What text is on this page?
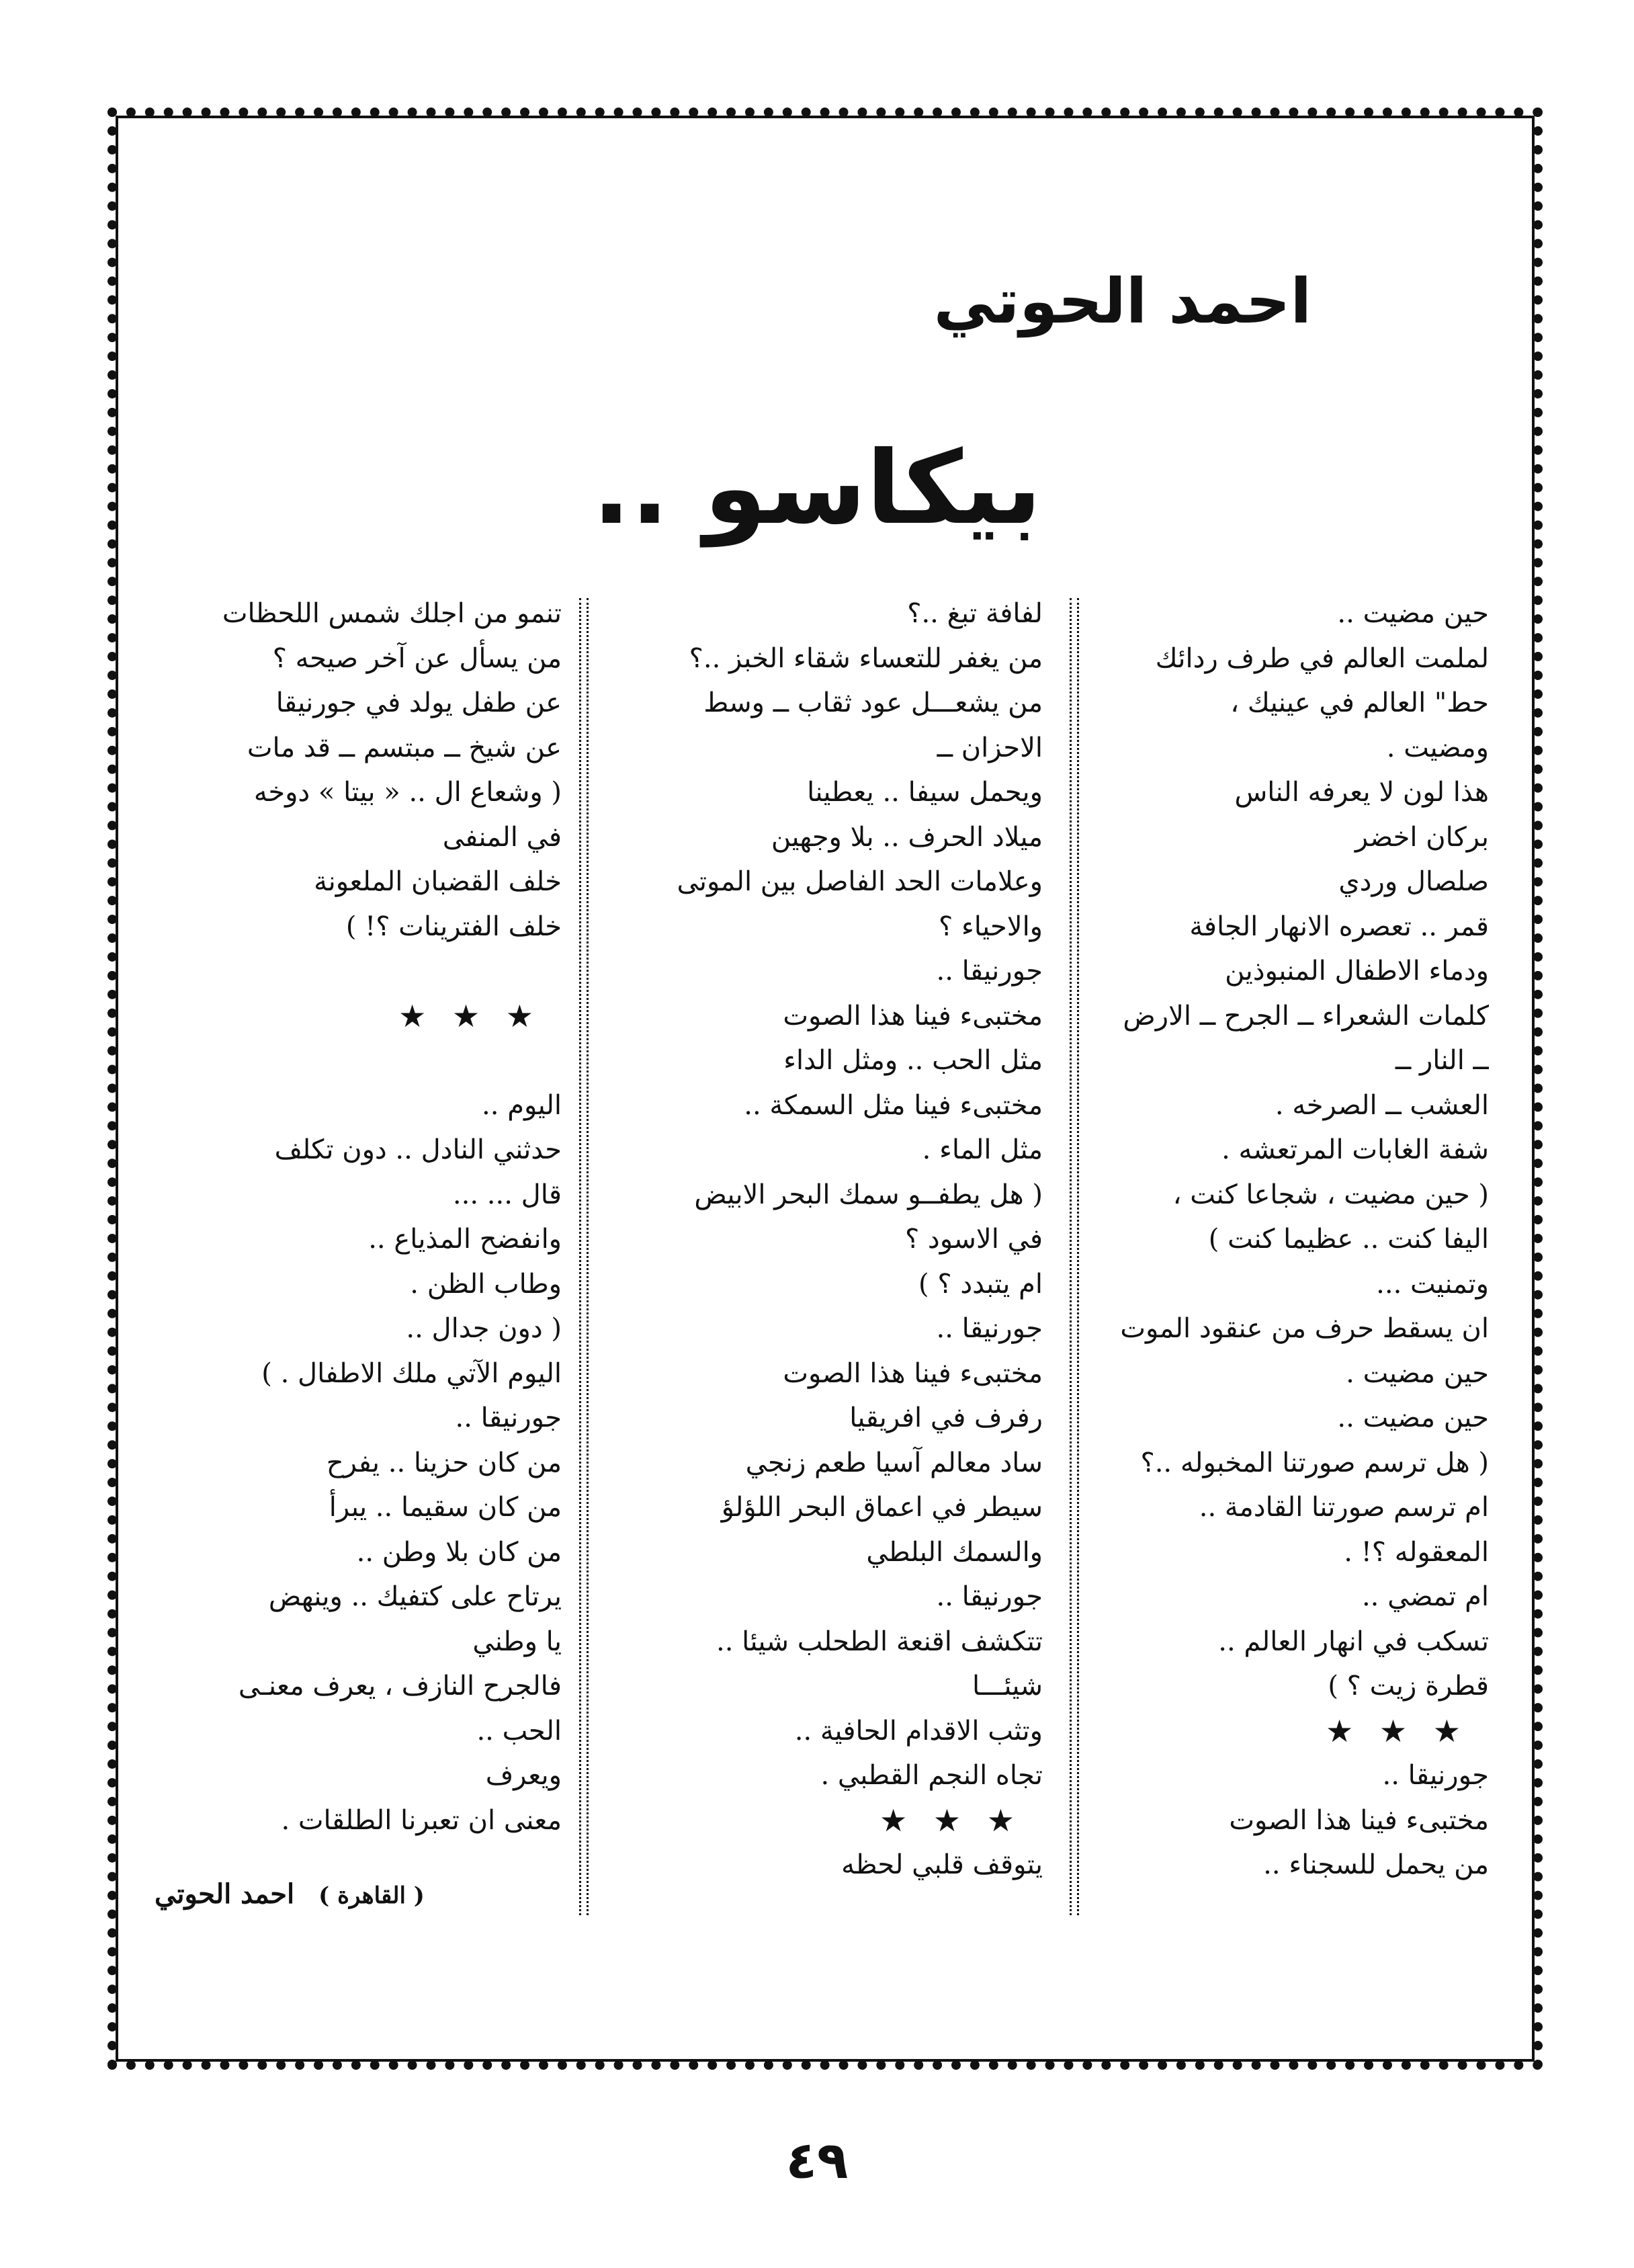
احمد الحوتي
بيكاسو ..
حين مضيت ..
لملمت العالم في طرف ردائك
حط" العالم في عينيك ،
ومضيت .
هذا لون لا يعرفه الناس
بركان اخضر
صلصال وردي
قمر .. تعصره الانهار الجافة
ودماء الاطفال المنبوذين
كلمات الشعراء ــ الجرح ــ الارض
ــ النار ــ
العشب ــ الصرخه .
شفة الغابات المرتعشه .
( حين مضيت ، شجاعا كنت ،
اليفا كنت .. عظيما كنت )
وتمنيت ...
ان يسقط حرف من عنقود الموت
حين مضيت .
حين مضيت ..
( هل ترسم صورتنا المخبوله ..؟
ام ترسم صورتنا القادمة ..
المعقوله ؟! .
ام تمضي ..
تسكب في انهار العالم ..
قطرة زيت ؟ )
★ ★ ★
جورنيقا ..
مختبىء فينا هذا الصوت
من يحمل للسجناء ..
لفافة تبغ ..؟
من يغفر للتعساء شقاء الخبز ..؟
من يشعـــل عود ثقاب ــ وسط
الاحزان ــ
ويحمل سيفا .. يعطينا
ميلاد الحرف .. بلا وجهين
وعلامات الحد الفاصل بين الموتى
والاحياء ؟
جورنيقا ..
مختبىء فينا هذا الصوت
مثل الحب .. ومثل الداء
مختبىء فينا مثل السمكة ..
مثل الماء .
( هل يطفــو سمك البحر الابيض
في الاسود ؟
ام يتبدد ؟ )
جورنيقا ..
مختبىء فينا هذا الصوت
رفرف في افريقيا
ساد معالم آسيا طعم زنجي
سيطر في اعماق البحر اللؤلؤ
والسمك البلطي
جورنيقا ..
تتكشف اقنعة الطحلب شيئا ..
شيئـــا
وتثب الاقدام الحافية ..
تجاه النجم القطبي .
★ ★ ★
يتوقف قلبي لحظه
تنمو من اجلك شمس اللحظات
من يسأل عن آخر صيحه ؟
عن طفل يولد في جورنيقا
عن شيخ ــ مبتسم ــ قد مات
( وشعاع ال .. « بيتا » دوخه
في المنفى
خلف القضبان الملعونة
خلف الفترينات ؟! )
★ ★ ★
اليوم ..
حدثني النادل .. دون تكلف
قال ... ...
وانفضح المذياع ..
وطاب الظن .
( دون جدال ..
اليوم الآتي ملك الاطفال . )
جورنيقا ..
من كان حزينا .. يفرح
من كان سقيما .. يبرأ
من كان بلا وطن ..
يرتاح على كتفيك .. وينهض
يا وطني
فالجرح النازف ، يعرف معنـى
الحب ..
ويعرف
معنى ان تعبرنا الطلقات .
( القاهرة )احمد الحوتي
٤٩
